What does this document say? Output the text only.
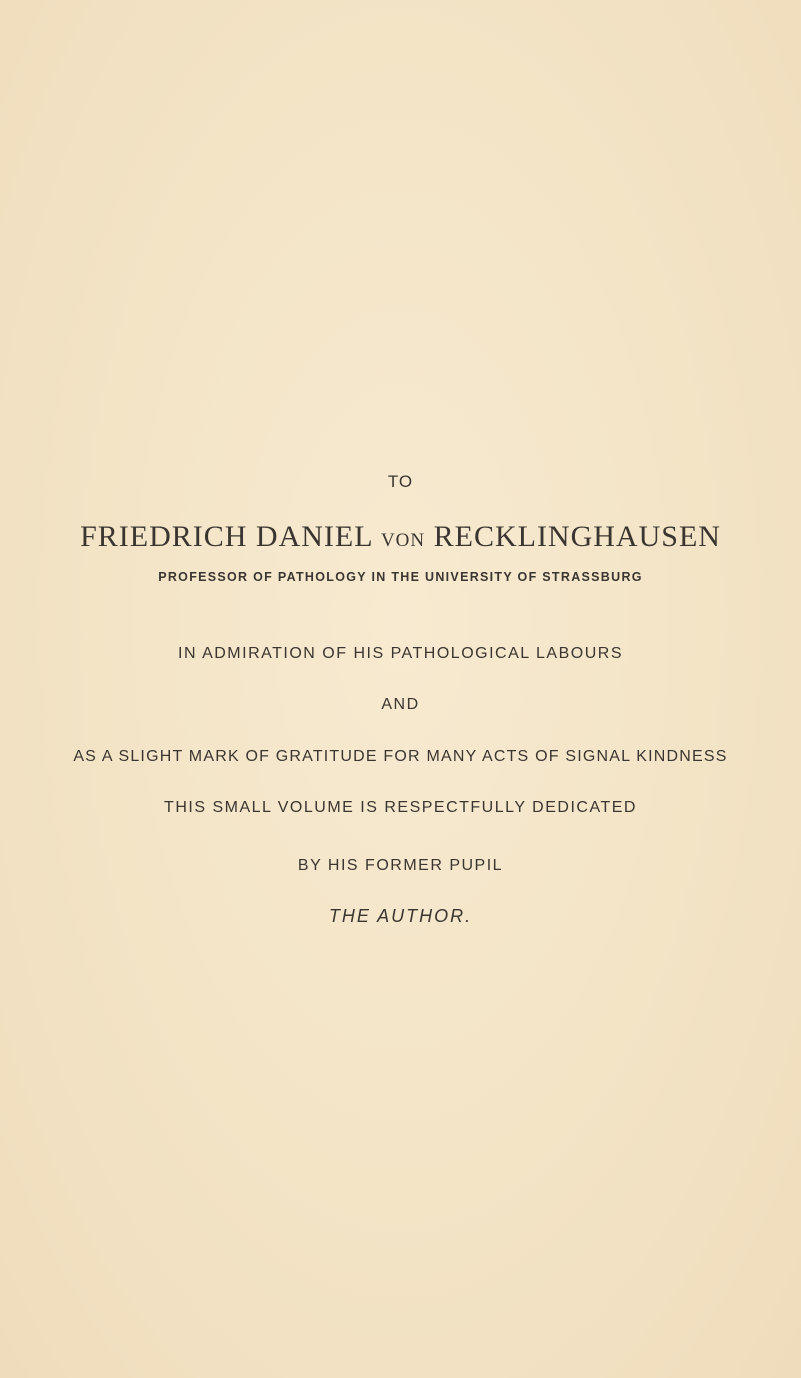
TO
FRIEDRICH DANIEL VON RECKLINGHAUSEN
PROFESSOR OF PATHOLOGY IN THE UNIVERSITY OF STRASSBURG
IN ADMIRATION OF HIS PATHOLOGICAL LABOURS
AND
AS A SLIGHT MARK OF GRATITUDE FOR MANY ACTS OF SIGNAL KINDNESS
THIS SMALL VOLUME IS RESPECTFULLY DEDICATED
BY HIS FORMER PUPIL
THE AUTHOR.
